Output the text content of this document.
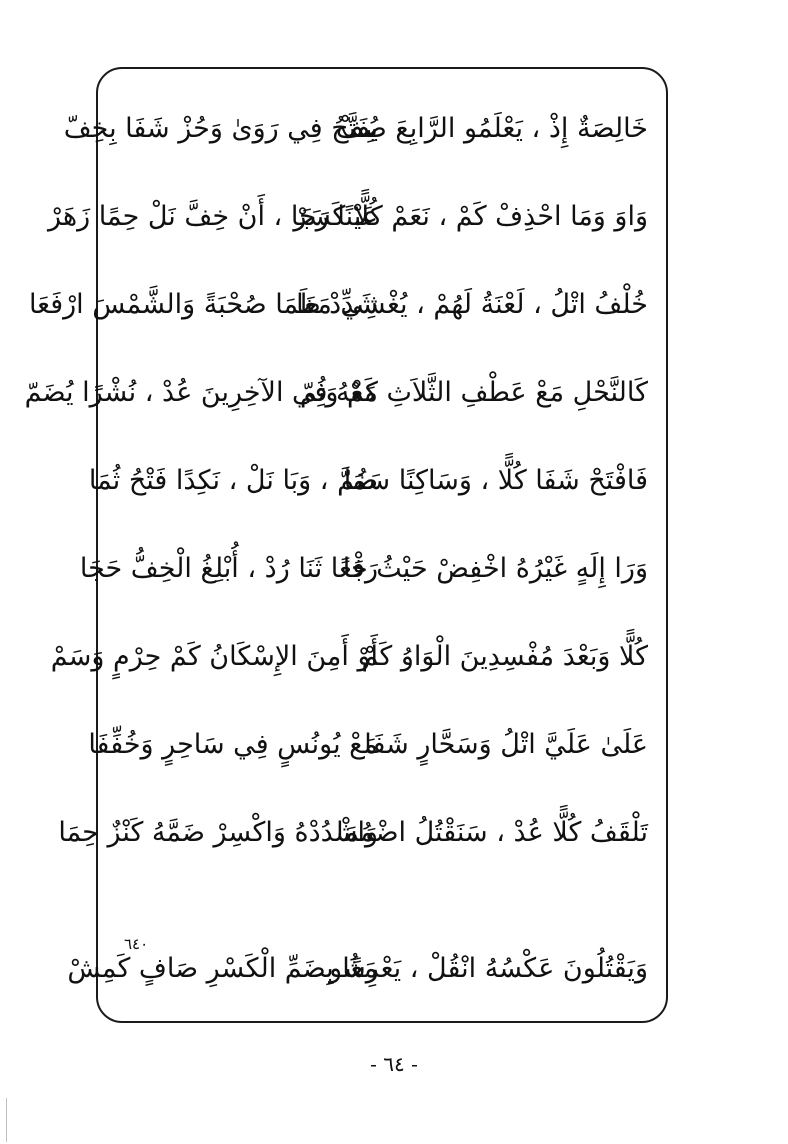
خَالِصَةٌ إِذْ ، يَعْلَمُو الرَّابِعَ صِفْ
يُفَتَّحُ فِي رَوَىٰ وَحُزْ شَفَا بِخِفّ
وَاوَ وَمَا احْذِفْ كَمْ ، نَعَمْ كُلًّا كَسَرْ
عَيْنًا رَجَا ، أَنْ خِفَّ نَلْ حِمًا زَهَرْ
خُلْفُ اتْلُ ، لَعْنَةُ لَهُمْ ، يُغْشِي مَعَا
شَدِّدْ ظَمَا صُحْبَةً وَالشَّمْسَ ارْفَعَا
كَالنَّحْلِ مَعْ عَطْفِ الثَّلاَثِ كَمْ وَثُمّ
مَعْهُ فِي الآخِرِينَ عُدْ ، نُشْرًا يُضَمّ
فَافْتَحْ شَفَا كُلًّا ، وَسَاكِنًا سَمَا
ضُمَّ ، وَبَا نَلْ ، نَكِدًا فَتْحُ ثُمَا
وَرَا إِلَهٍ غَيْرُهُ اخْفِضْ حَيْثُ جَا
رَفْعًا ثَنَا رُدْ ، أُبْلِغُ الْخِفُّ حَجَا
كُلًّا وَبَعْدَ مُفْسِدِينَ الْوَاوُ كَمْ
أَوْ أَمِنَ الإِسْكَانُ كَمْ حِرْمٍ وَسَمْ
عَلَىٰ عَلَيَّ اتْلُ وَسَحَّارٍ شَفَا
مَعْ يُونُسٍ فِي سَاحِرٍ وَخُفِّفَا
تَلْقَفُ كُلًّا عُدْ ، سَنَقْتُلُ اضْمُمَا
وَاشْدُدْهُ وَاكْسِرْ ضَمَّهُ كَنْزٌ حِمَا
٦٤٠
وَيَقْتُلُونَ عَكْسُهُ انْقُلْ ، يَعْرِشُو
مَعًا بِضَمِّ الْكَسْرِ صَافٍ كَمِشْ
- ٦٤ -
